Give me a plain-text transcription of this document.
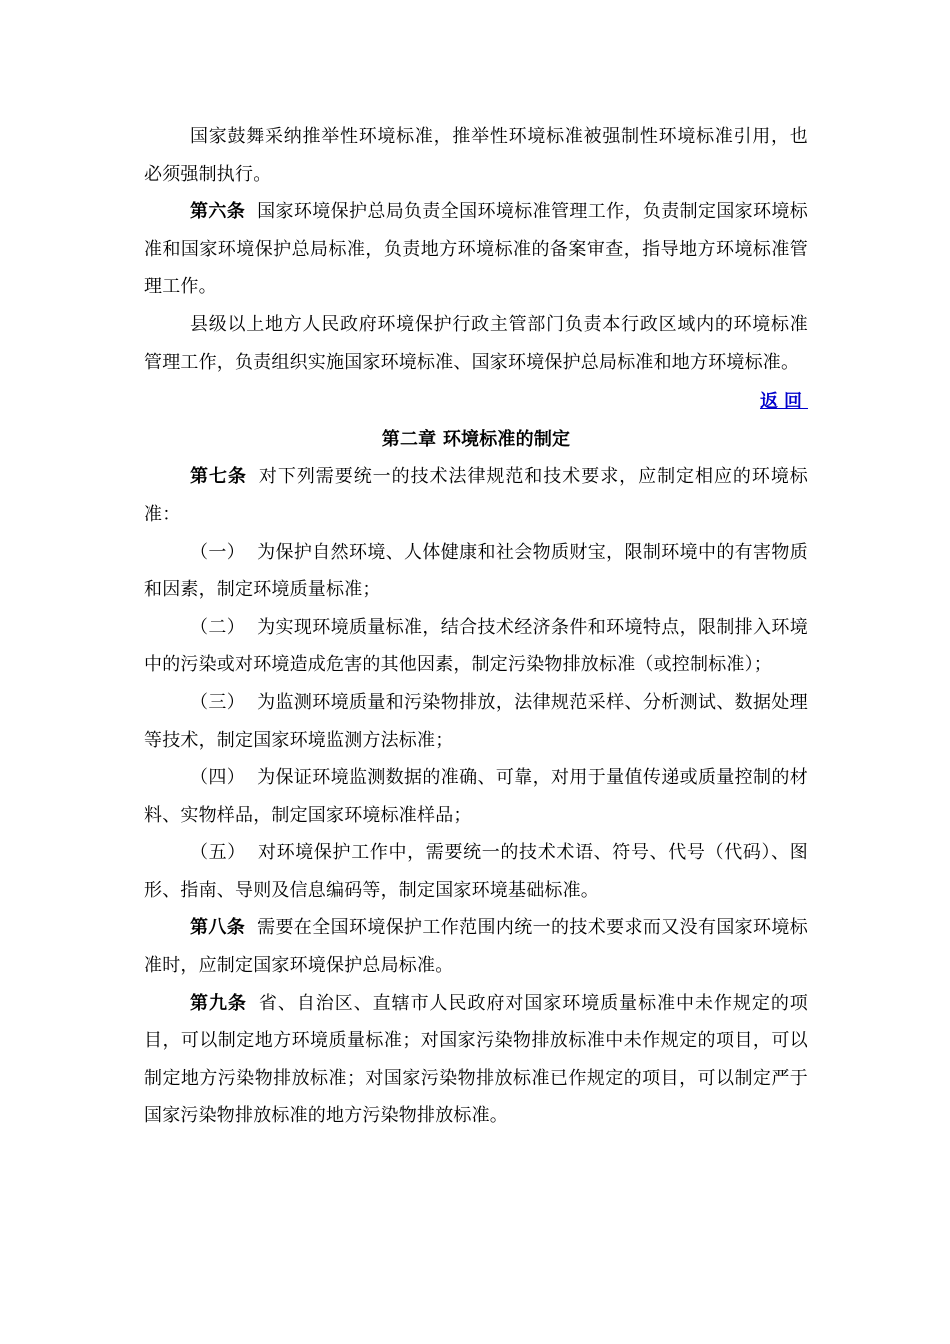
国家鼓舞采纳推举性环境标准，推举性环境标准被强制性环境标准引用，也必须强制执行。

第六条 国家环境保护总局负责全国环境标准管理工作，负责制定国家环境标准和国家环境保护总局标准，负责地方环境标准的备案审查，指导地方环境标准管理工作。

县级以上地方人民政府环境保护行政主管部门负责本行政区域内的环境标准管理工作，负责组织实施国家环境标准、国家环境保护总局标准和地方环境标准。

返回

第二章 环境标准的制定

第七条 对下列需要统一的技术法律规范和技术要求，应制定相应的环境标准：

（一） 为保护自然环境、人体健康和社会物质财宝，限制环境中的有害物质和因素，制定环境质量标准；

（二） 为实现环境质量标准，结合技术经济条件和环境特点，限制排入环境中的污染或对环境造成危害的其他因素，制定污染物排放标准（或控制标准）；

（三） 为监测环境质量和污染物排放，法律规范采样、分析测试、数据处理等技术，制定国家环境监测方法标准；

（四） 为保证环境监测数据的准确、可靠，对用于量值传递或质量控制的材料、实物样品，制定国家环境标准样品；

（五） 对环境保护工作中，需要统一的技术术语、符号、代号（代码）、图形、指南、导则及信息编码等，制定国家环境基础标准。

第八条 需要在全国环境保护工作范围内统一的技术要求而又没有国家环境标准时，应制定国家环境保护总局标准。

第九条 省、自治区、直辖市人民政府对国家环境质量标准中未作规定的项目，可以制定地方环境质量标准；对国家污染物排放标准中未作规定的项目，可以制定地方污染物排放标准；对国家污染物排放标准已作规定的项目，可以制定严于国家污染物排放标准的地方污染物排放标准。
